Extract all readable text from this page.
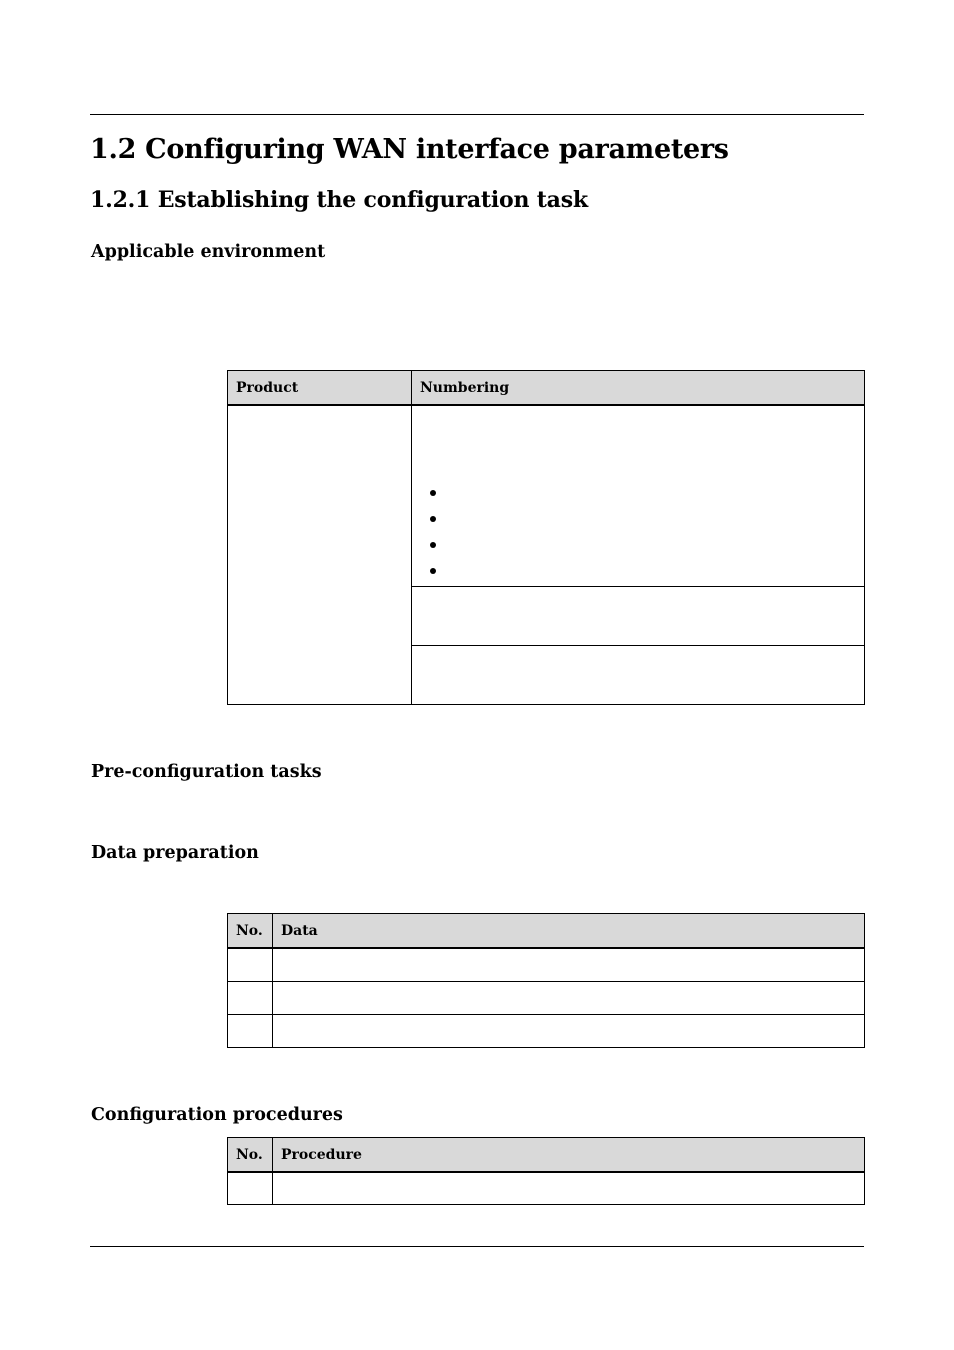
1.2 Configuring WAN interface parameters
1.2.1 Establishing the configuration task
Applicable environment
Product	Numbering

Pre-configuration tasks
Data preparation
No.	Data

Configuration procedures
No.	Procedure
